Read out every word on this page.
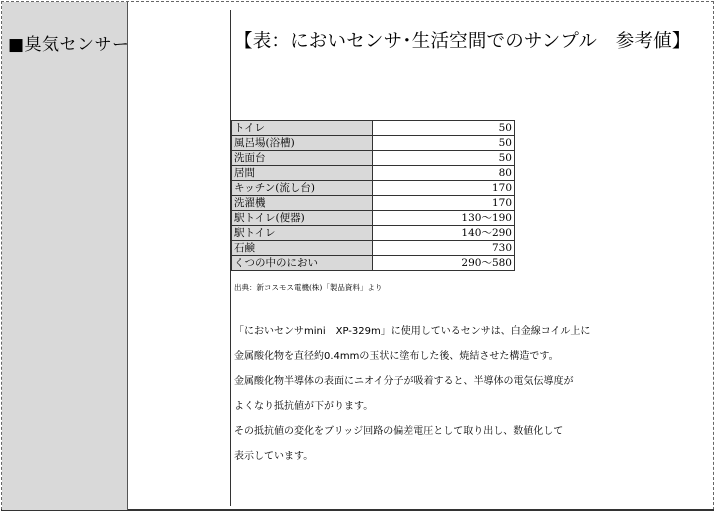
■臭気センサー	【表：においセンサ･生活空間でのサンプル　参考値】
トイレ	50
風呂場(浴槽)	50
洗面台	50
居間	80
キッチン(流し台)	170
洗濯機	170
駅トイレ(便器)	130～190
駅トイレ	140～290
石鹸	730
くつの中のにおい	290～580
出典：新コスモス電機(株)「製品資料」より
「においセンサmini　XP-329m」に使用しているセンサは、白金線コイル上に
金属酸化物を直径約0.4mmの玉状に塗布した後、焼結させた構造です。
金属酸化物半導体の表面にニオイ分子が吸着すると、半導体の電気伝導度が
よくなり抵抗値が下がります。
その抵抗値の変化をブリッジ回路の偏差電圧として取り出し、数値化して
表示しています。
